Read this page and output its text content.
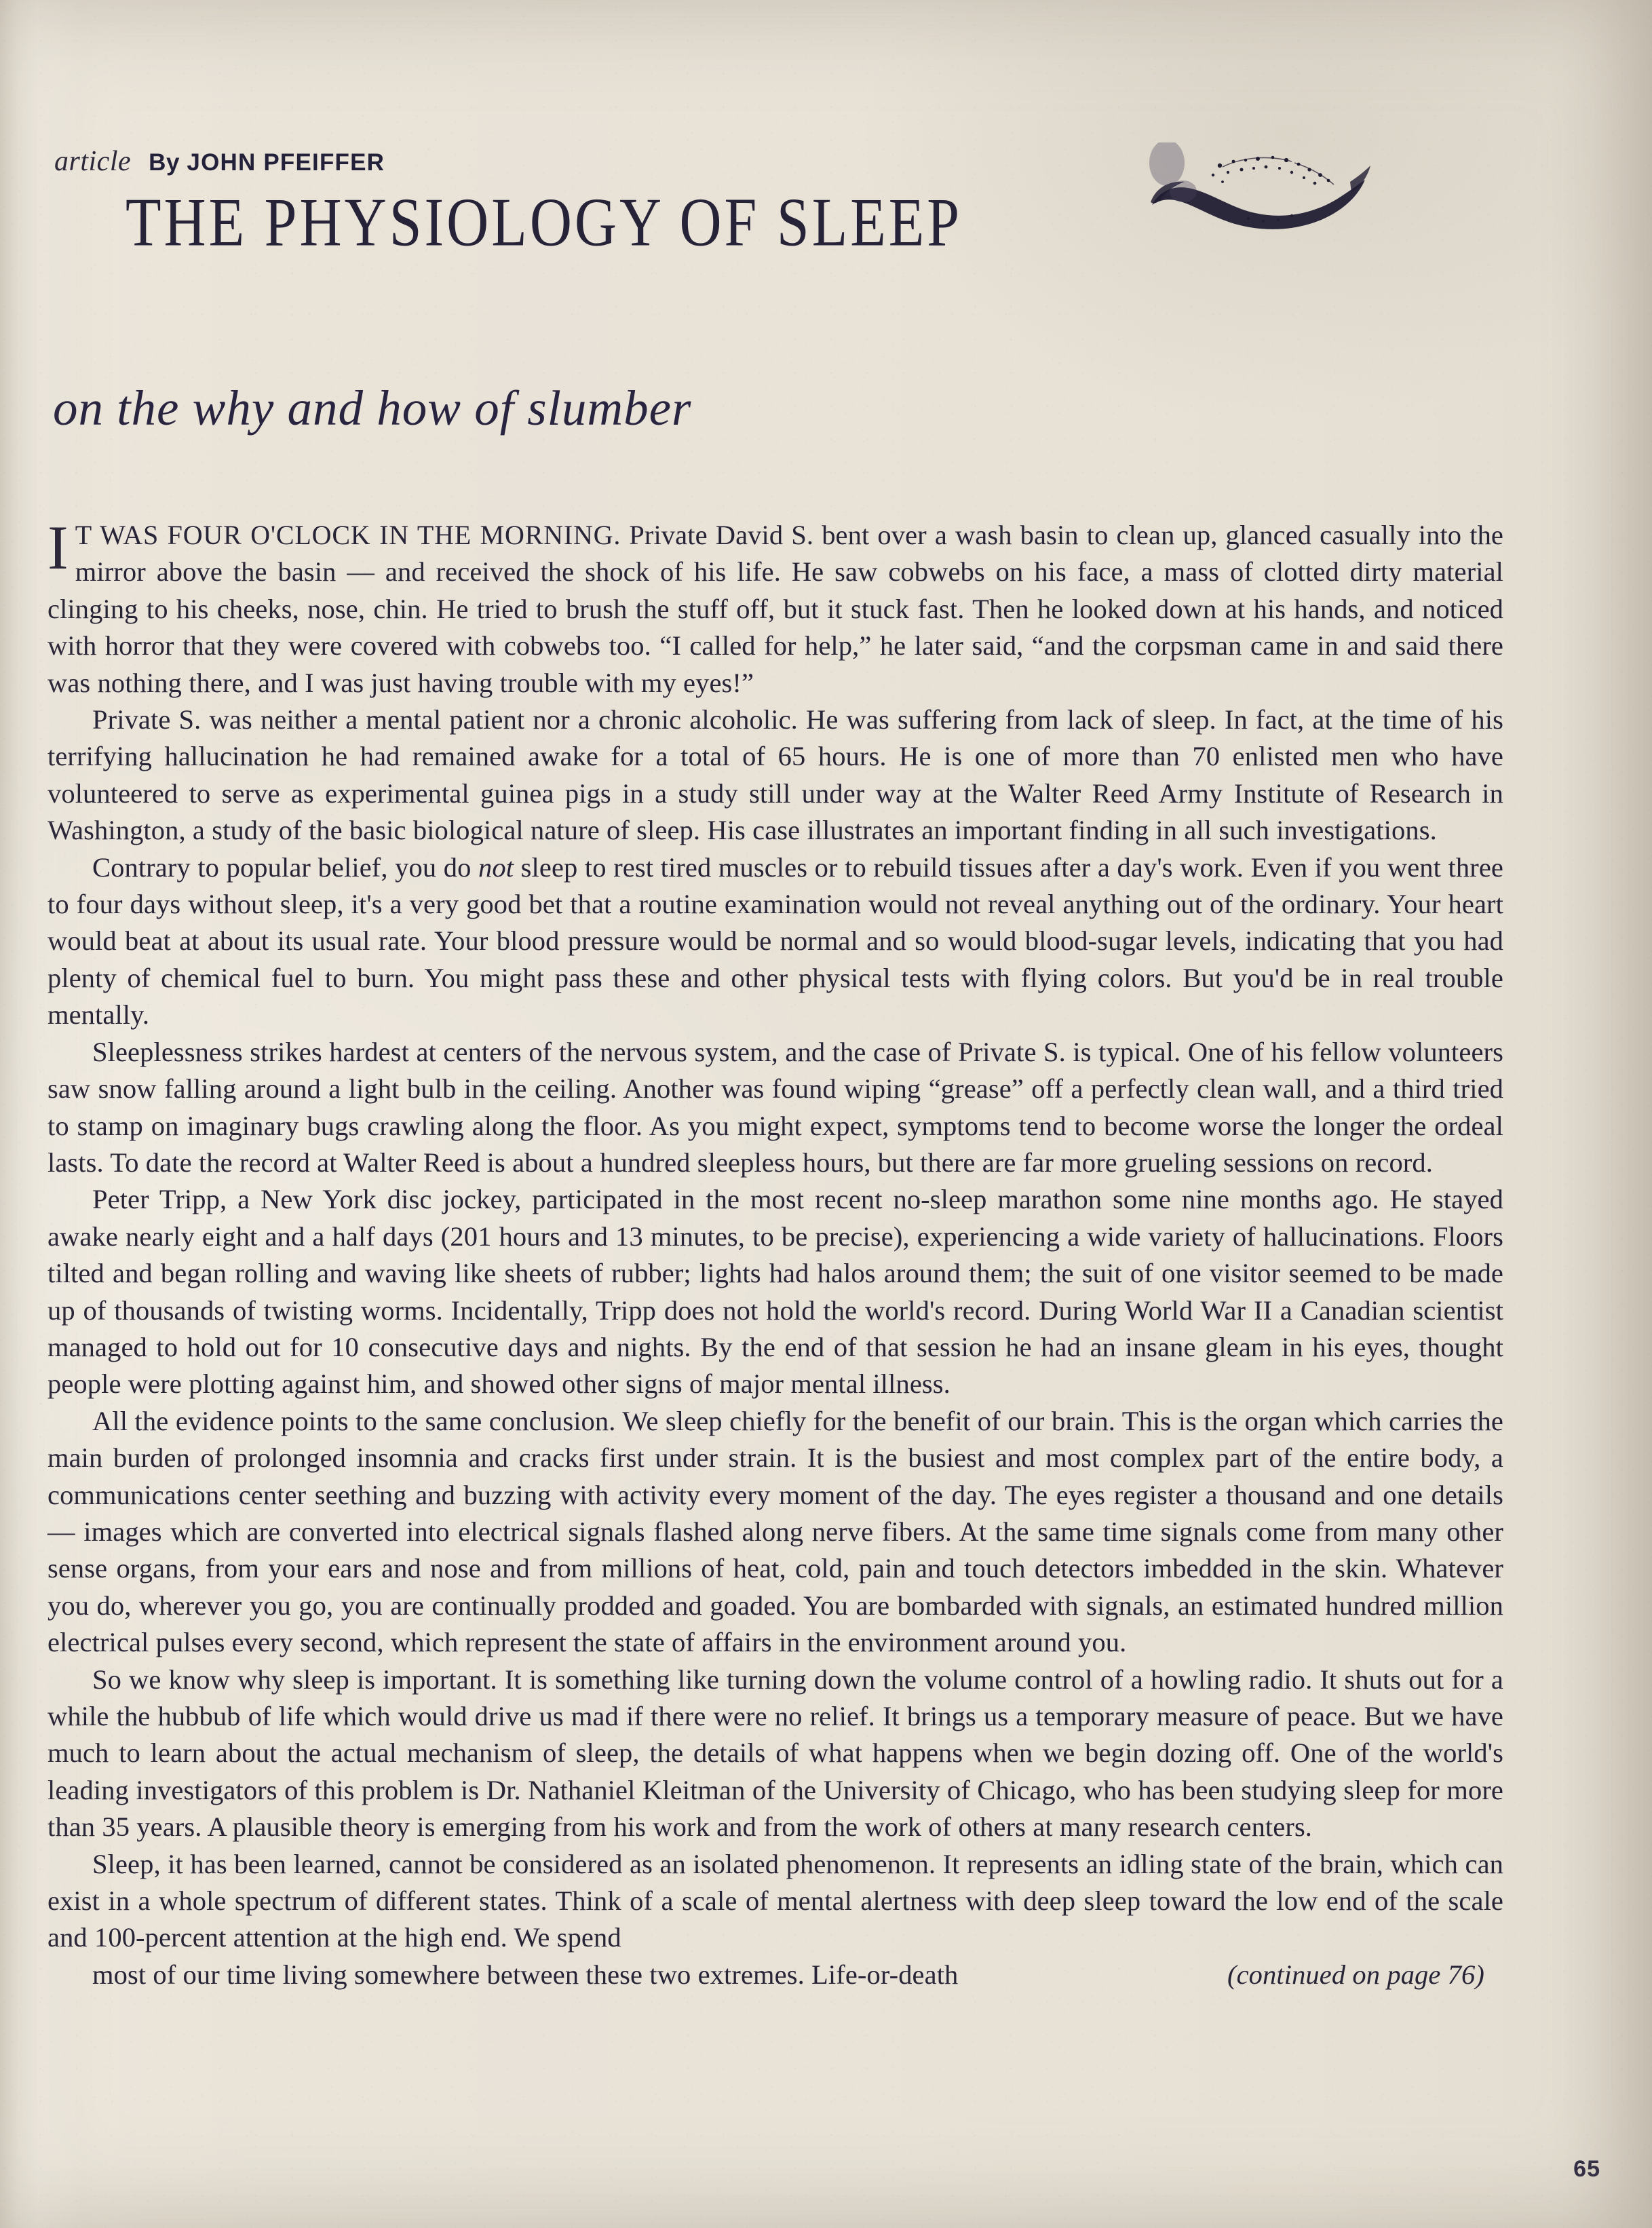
article By JOHN PFEIFFER
THE PHYSIOLOGY OF SLEEP
on the why and how of slumber

I T WAS FOUR O'CLOCK IN THE MORNING. Private David S. bent over a wash basin to clean up, glanced casually into the mirror above the basin — and received the shock of his life. He saw cobwebs on his face, a mass of clotted dirty material clinging to his cheeks, nose, chin. He tried to brush the stuff off, but it stuck fast. Then he looked down at his hands, and noticed with horror that they were covered with cobwebs too. “I called for help,” he later said, “and the corpsman came in and said there was nothing there, and I was just having trouble with my eyes!”

Private S. was neither a mental patient nor a chronic alcoholic. He was suffering from lack of sleep. In fact, at the time of his terrifying hallucination he had remained awake for a total of 65 hours. He is one of more than 70 enlisted men who have volunteered to serve as experimental guinea pigs in a study still under way at the Walter Reed Army Institute of Research in Washington, a study of the basic biological nature of sleep. His case illustrates an important finding in all such investigations.

Contrary to popular belief, you do not sleep to rest tired muscles or to rebuild tissues after a day's work. Even if you went three to four days without sleep, it's a very good bet that a routine examination would not reveal anything out of the ordinary. Your heart would beat at about its usual rate. Your blood pressure would be normal and so would blood-sugar levels, indicating that you had plenty of chemical fuel to burn. You might pass these and other physical tests with flying colors. But you'd be in real trouble mentally.

Sleeplessness strikes hardest at centers of the nervous system, and the case of Private S. is typical. One of his fellow volunteers saw snow falling around a light bulb in the ceiling. Another was found wiping “grease” off a perfectly clean wall, and a third tried to stamp on imaginary bugs crawling along the floor. As you might expect, symptoms tend to become worse the longer the ordeal lasts. To date the record at Walter Reed is about a hundred sleepless hours, but there are far more grueling sessions on record.

Peter Tripp, a New York disc jockey, participated in the most recent no-sleep marathon some nine months ago. He stayed awake nearly eight and a half days (201 hours and 13 minutes, to be precise), experiencing a wide variety of hallucinations. Floors tilted and began rolling and waving like sheets of rubber; lights had halos around them; the suit of one visitor seemed to be made up of thousands of twisting worms. Incidentally, Tripp does not hold the world's record. During World War II a Canadian scientist managed to hold out for 10 consecutive days and nights. By the end of that session he had an insane gleam in his eyes, thought people were plotting against him, and showed other signs of major mental illness.

All the evidence points to the same conclusion. We sleep chiefly for the benefit of our brain. This is the organ which carries the main burden of prolonged insomnia and cracks first under strain. It is the busiest and most complex part of the entire body, a communications center seething and buzzing with activity every moment of the day. The eyes register a thousand and one details — images which are converted into electrical signals flashed along nerve fibers. At the same time signals come from many other sense organs, from your ears and nose and from millions of heat, cold, pain and touch detectors imbedded in the skin. Whatever you do, wherever you go, you are continually prodded and goaded. You are bombarded with signals, an estimated hundred million electrical pulses every second, which represent the state of affairs in the environment around you.

So we know why sleep is important. It is something like turning down the volume control of a howling radio. It shuts out for a while the hubbub of life which would drive us mad if there were no relief. It brings us a temporary measure of peace. But we have much to learn about the actual mechanism of sleep, the details of what happens when we begin dozing off. One of the world's leading investigators of this problem is Dr. Nathaniel Kleitman of the University of Chicago, who has been studying sleep for more than 35 years. A plausible theory is emerging from his work and from the work of others at many research centers.

Sleep, it has been learned, cannot be considered as an isolated phenomenon. It represents an idling state of the brain, which can exist in a whole spectrum of different states. Think of a scale of mental alertness with deep sleep toward the low end of the scale and 100-percent attention at the high end. We spend

most of our time living somewhere between these two extremes. Life-or-death	(continued on page 76)

65
